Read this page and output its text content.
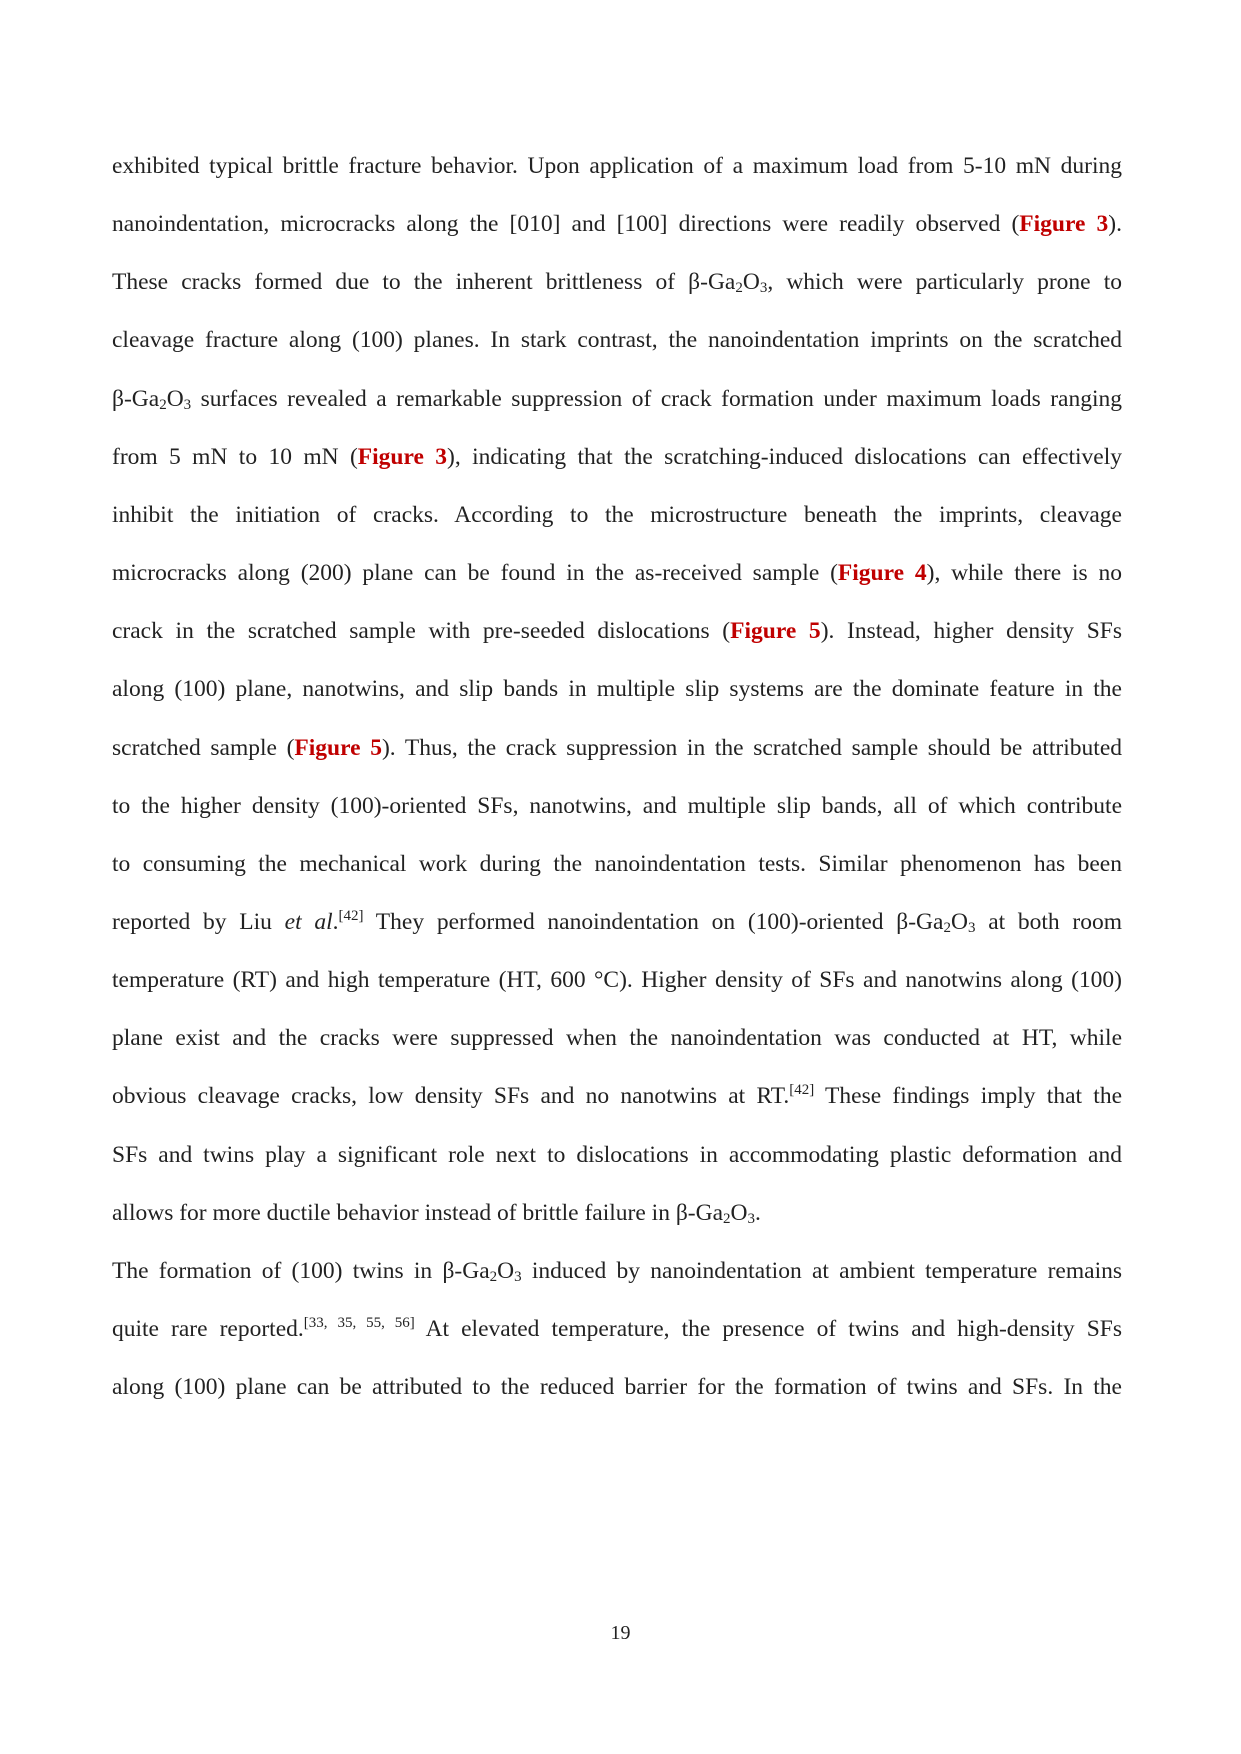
exhibited typical brittle fracture behavior. Upon application of a maximum load from 5-10 mN during
nanoindentation, microcracks along the [010] and [100] directions were readily observed (Figure 3).
These cracks formed due to the inherent brittleness of $\beta-Ga_2O_3$, which were particularly prone to
cleavage fracture along (100) planes. In stark contrast, the nanoindentation imprints on the scratched
$\beta-Ga_2O_3$ surfaces revealed a remarkable suppression of crack formation under maximum loads ranging
from 5 mN to 10 mN (Figure 3), indicating that the scratching-induced dislocations can effectively
inhibit the initiation of cracks. According to the microstructure beneath the imprints, cleavage
microcracks along (200) plane can be found in the as-received sample (Figure 4), while there is no
crack in the scratched sample with pre-seeded dislocations (Figure 5). Instead, higher density SFs
along (100) plane, nanotwins, and slip bands in multiple slip systems are the dominate feature in the
scratched sample (Figure 5). Thus, the crack suppression in the scratched sample should be attributed
to the higher density (100)-oriented SFs, nanotwins, and multiple slip bands, all of which contribute
to consuming the mechanical work during the nanoindentation tests. Similar phenomenon has been
reported by Liu et al.[42] They performed nanoindentation on (100)-oriented $\beta-Ga_2O_3$ at both room
temperature (RT) and high temperature (HT, 600 °C). Higher density of SFs and nanotwins along (100)
plane exist and the cracks were suppressed when the nanoindentation was conducted at HT, while
obvious cleavage cracks, low density SFs and no nanotwins at RT.[42] These findings imply that the
SFs and twins play a significant role next to dislocations in accommodating plastic deformation and
allows for more ductile behavior instead of brittle failure in $\beta-Ga_2O_3$.
The formation of (100) twins in $\beta-Ga_2O_3$ induced by nanoindentation at ambient temperature remains
quite rare reported.[33, 35, 55, 56] At elevated temperature, the presence of twins and high-density SFs
along (100) plane can be attributed to the reduced barrier for the formation of twins and SFs. In the
19
